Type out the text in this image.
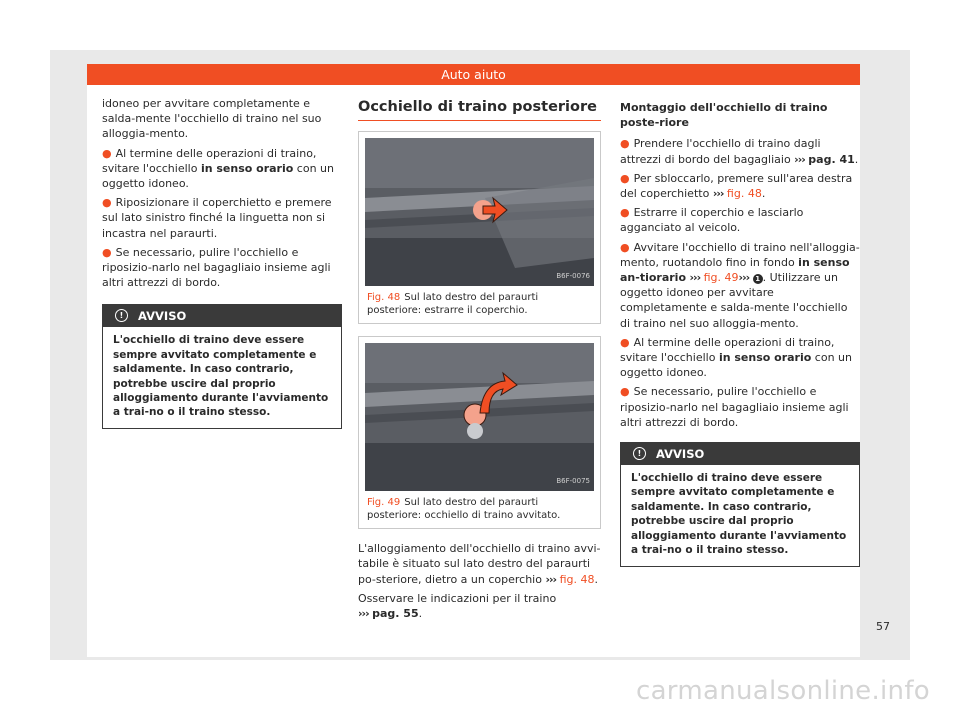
Auto aiuto

idoneo per avvitare completamente e salda-mente l'occhiello di traino nel suo alloggia-mento.

● Al termine delle operazioni di traino, svitare l'occhiello in senso orario con un oggetto idoneo.

● Riposizionare il coperchietto e premere sul lato sinistro finché la linguetta non si incastra nel paraurti.

● Se necessario, pulire l'occhiello e riposizio-narlo nel bagagliaio insieme agli altri attrezzi di bordo.

! AVVISO
L'occhiello di traino deve essere sempre avvitato completamente e saldamente. In caso contrario, potrebbe uscire dal proprio alloggiamento durante l'avviamento a trai-no o il traino stesso.
Occhiello di traino posteriore
B6F-0076
Fig. 48 Sul lato destro del paraurti posteriore: estrarre il coperchio.
B6F-0075
Fig. 49 Sul lato destro del paraurti posteriore: occhiello di traino avvitato.

L'alloggiamento dell'occhiello di traino avvi-tabile è situato sul lato destro del paraurti po-steriore, dietro a un coperchio ››› fig. 48.

Osservare le indicazioni per il traino
››› pag. 55.

Montaggio dell'occhiello di traino poste-riore

● Prendere l'occhiello di traino dagli attrezzi di bordo del bagagliaio ››› pag. 41.

● Per sbloccarlo, premere sull'area destra del coperchietto ››› fig. 48.

● Estrarre il coperchio e lasciarlo agganciato al veicolo.

● Avvitare l'occhiello di traino nell'alloggia-mento, ruotandolo fino in fondo in senso an-tiorario ››› fig. 49››› 1 . Utilizzare un oggetto idoneo per avvitare completamente e salda-mente l'occhiello di traino nel suo alloggia-mento.

● Al termine delle operazioni di traino, svitare l'occhiello in senso orario con un oggetto idoneo.

● Se necessario, pulire l'occhiello e riposizio-narlo nel bagagliaio insieme agli altri attrezzi di bordo.

! AVVISO
L'occhiello di traino deve essere sempre avvitato completamente e saldamente. In caso contrario, potrebbe uscire dal proprio alloggiamento durante l'avviamento a trai-no o il traino stesso.
57
carmanualsonline.info
